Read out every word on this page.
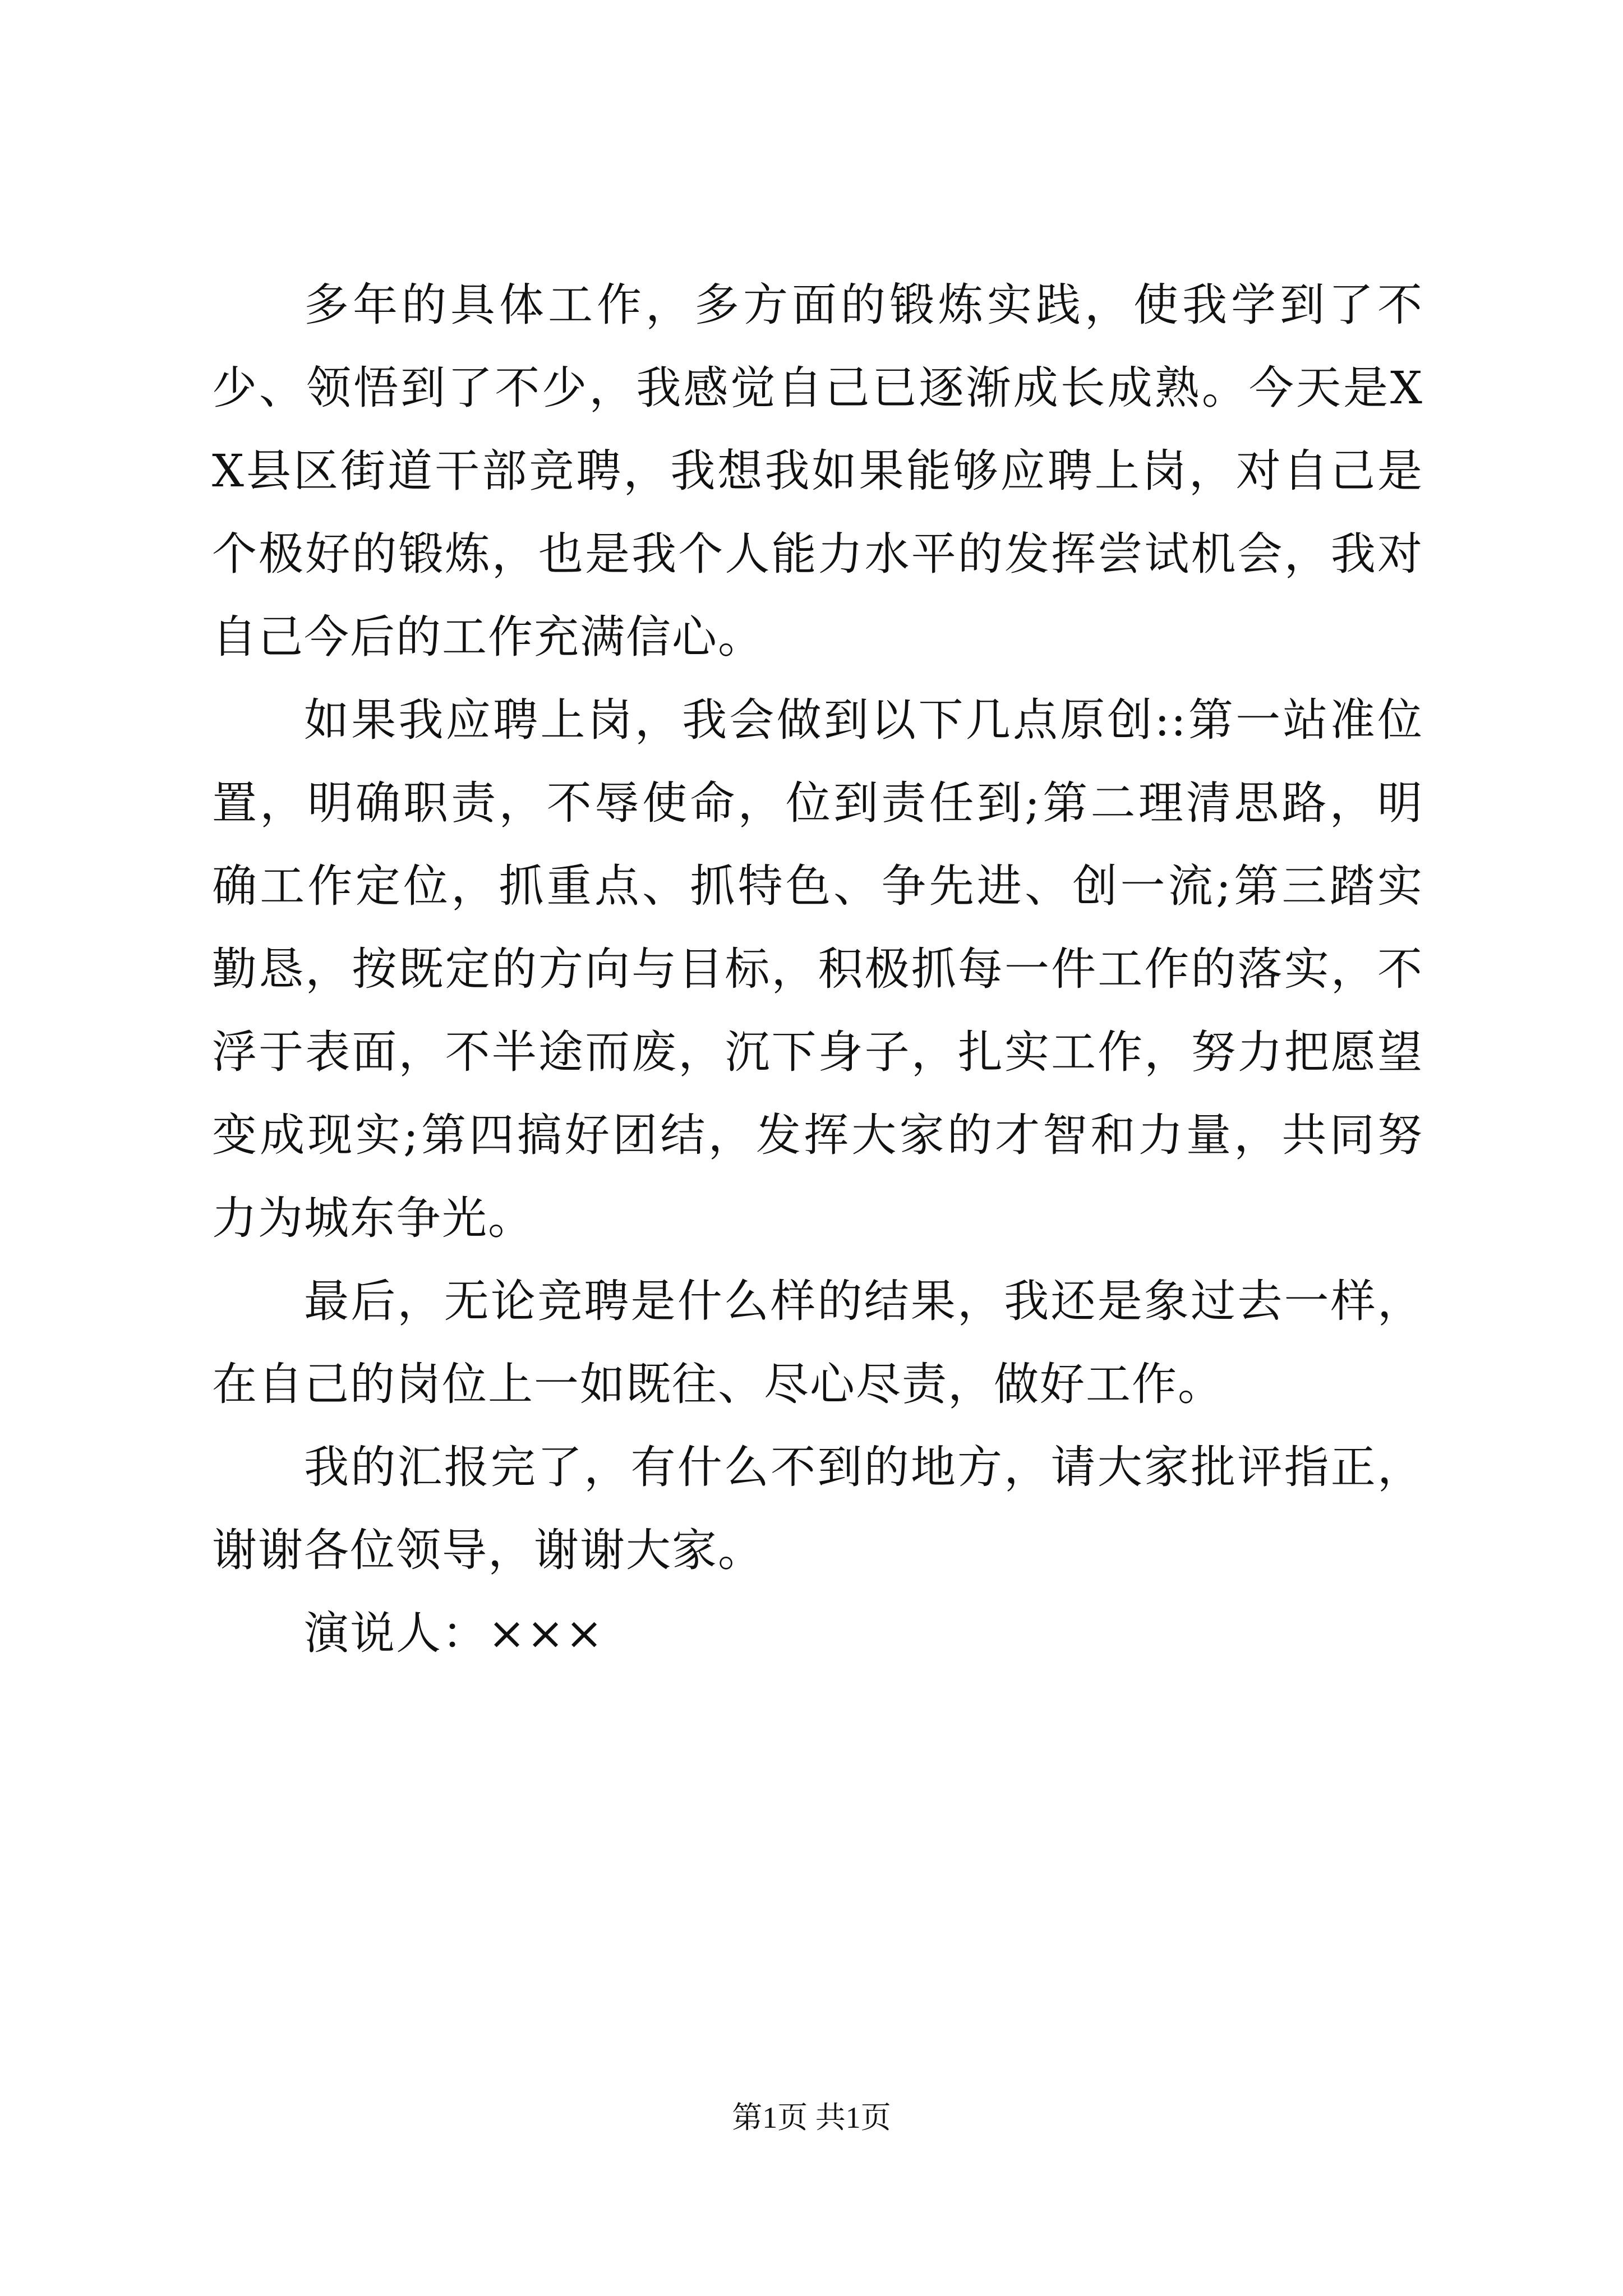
多年的具体工作，多方面的锻炼实践，使我学到了不少、领悟到了不少，我感觉自己已逐渐成长成熟。今天是XX县区街道干部竞聘，我想我如果能够应聘上岗，对自己是个极好的锻炼，也是我个人能力水平的发挥尝试机会，我对自己今后的工作充满信心。

如果我应聘上岗，我会做到以下几点原创::第一站准位置，明确职责，不辱使命，位到责任到;第二理清思路，明确工作定位，抓重点、抓特色、争先进、创一流;第三踏实勤恳，按既定的方向与目标，积极抓每一件工作的落实，不浮于表面，不半途而废，沉下身子，扎实工作，努力把愿望变成现实;第四搞好团结，发挥大家的才智和力量，共同努力为城东争光。

最后，无论竞聘是什么样的结果，我还是象过去一样，在自己的岗位上一如既往、尽心尽责，做好工作。

我的汇报完了，有什么不到的地方，请大家批评指正，谢谢各位领导，谢谢大家。

演说人：×××

第1页 共1页
